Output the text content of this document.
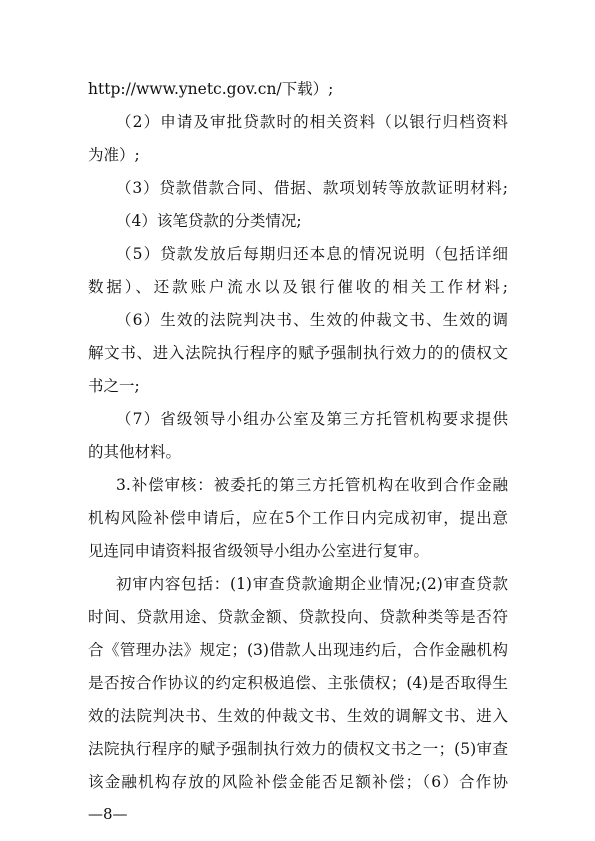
http://www.ynetc.gov.cn/下载）;
（2）申请及审批贷款时的相关资料（以银行归档资料
为准）;
（3）贷款借款合同、借据、款项划转等放款证明材料;
（4）该笔贷款的分类情况;
（5）贷款发放后每期归还本息的情况说明（包括详细
数据）、还款账户流水以及银行催收的相关工作材料;
（6）生效的法院判决书、生效的仲裁文书、生效的调
解文书、进入法院执行程序的赋予强制执行效力的的债权文
书之一;
（7）省级领导小组办公室及第三方托管机构要求提供
的其他材料。
3.补偿审核：被委托的第三方托管机构在收到合作金融
机构风险补偿申请后，应在5个工作日内完成初审，提出意
见连同申请资料报省级领导小组办公室进行复审。
初审内容包括：(1)审查贷款逾期企业情况;(2)审查贷款
时间、贷款用途、贷款金额、贷款投向、贷款种类等是否符
合《管理办法》规定；(3)借款人出现违约后，合作金融机构
是否按合作协议的约定积极追偿、主张债权；(4)是否取得生
效的法院判决书、生效的仲裁文书、生效的调解文书、进入
法院执行程序的赋予强制执行效力的债权文书之一；(5)审查
该金融机构存放的风险补偿金能否足额补偿；（6）合作协
—8—
